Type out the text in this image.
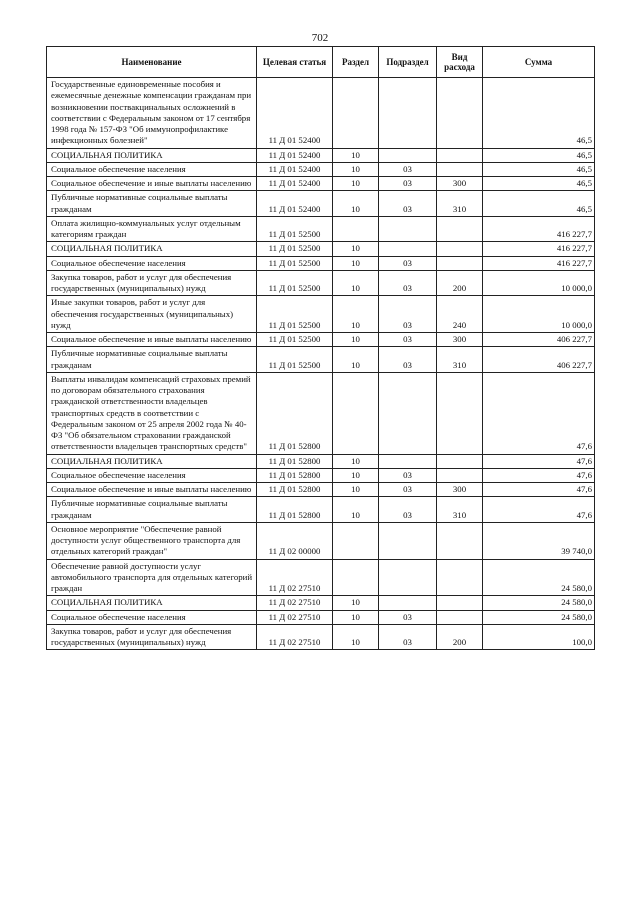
702
Наименование	Целевая статья	Раздел	Подраздел	Вид расхода	Сумма
Государственные единовременные пособия и ежемесячные денежные компенсации гражданам при возникновении поствакцинальных осложнений в соответствии с Федеральным законом от 17 сентября 1998 года № 157-ФЗ "Об иммунопрофилактике инфекционных болезней"	11 Д 01 52400				46,5
СОЦИАЛЬНАЯ ПОЛИТИКА	11 Д 01 52400	10			46,5
Социальное обеспечение населения	11 Д 01 52400	10	03		46,5
Социальное обеспечение и иные выплаты населению	11 Д 01 52400	10	03	300	46,5
Публичные нормативные социальные выплаты гражданам	11 Д 01 52400	10	03	310	46,5
Оплата жилищно-коммунальных услуг отдельным категориям граждан	11 Д 01 52500				416 227,7
СОЦИАЛЬНАЯ ПОЛИТИКА	11 Д 01 52500	10			416 227,7
Социальное обеспечение населения	11 Д 01 52500	10	03		416 227,7
Закупка товаров, работ и услуг для обеспечения государственных (муниципальных) нужд	11 Д 01 52500	10	03	200	10 000,0
Иные закупки товаров, работ и услуг для обеспечения государственных (муниципальных) нужд	11 Д 01 52500	10	03	240	10 000,0
Социальное обеспечение и иные выплаты населению	11 Д 01 52500	10	03	300	406 227,7
Публичные нормативные социальные выплаты гражданам	11 Д 01 52500	10	03	310	406 227,7
Выплаты инвалидам компенсаций страховых премий по договорам обязательного страхования гражданской ответственности владельцев транспортных средств в соответствии с Федеральным законом от 25 апреля 2002 года № 40-ФЗ "Об обязательном страховании гражданской ответственности владельцев транспортных средств"	11 Д 01 52800				47,6
СОЦИАЛЬНАЯ ПОЛИТИКА	11 Д 01 52800	10			47,6
Социальное обеспечение населения	11 Д 01 52800	10	03		47,6
Социальное обеспечение и иные выплаты населению	11 Д 01 52800	10	03	300	47,6
Публичные нормативные социальные выплаты гражданам	11 Д 01 52800	10	03	310	47,6
Основное мероприятие "Обеспечение равной доступности услуг общественного транспорта для отдельных категорий граждан"	11 Д 02 00000				39 740,0
Обеспечение равной доступности услуг автомобильного транспорта для отдельных категорий граждан	11 Д 02 27510				24 580,0
СОЦИАЛЬНАЯ ПОЛИТИКА	11 Д 02 27510	10			24 580,0
Социальное обеспечение населения	11 Д 02 27510	10	03		24 580,0
Закупка товаров, работ и услуг для обеспечения государственных (муниципальных) нужд	11 Д 02 27510	10	03	200	100,0
